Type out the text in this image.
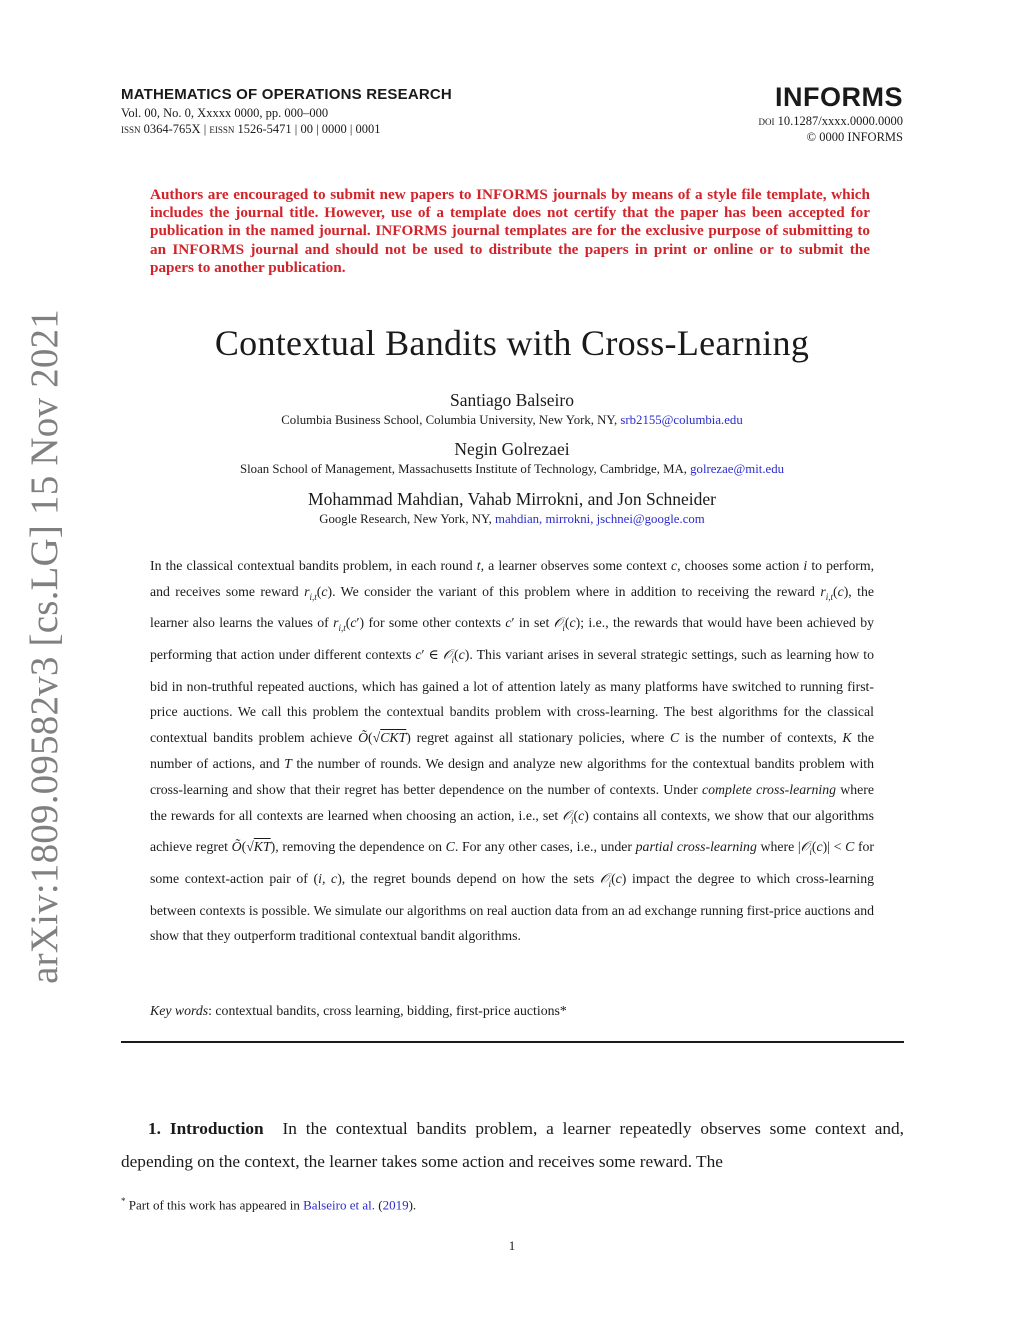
arXiv:1809.09582v3 [cs.LG] 15 Nov 2021
MATHEMATICS OF OPERATIONS RESEARCH
Vol. 00, No. 0, Xxxxx 0000, pp. 000–000
issn 0364-765X | eissn 1526-5471 | 00 | 0000 | 0001
INFORMS
doi 10.1287/xxxx.0000.0000
© 0000 INFORMS
Authors are encouraged to submit new papers to INFORMS journals by means of a style file template, which includes the journal title. However, use of a template does not certify that the paper has been accepted for publication in the named journal. INFORMS journal templates are for the exclusive purpose of submitting to an INFORMS journal and should not be used to distribute the papers in print or online or to submit the papers to another publication.
Contextual Bandits with Cross-Learning
Santiago Balseiro
Columbia Business School, Columbia University, New York, NY, srb2155@columbia.edu
Negin Golrezaei
Sloan School of Management, Massachusetts Institute of Technology, Cambridge, MA, golrezae@mit.edu
Mohammad Mahdian, Vahab Mirrokni, and Jon Schneider
Google Research, New York, NY, mahdian, mirrokni, jschnei@google.com
In the classical contextual bandits problem, in each round t, a learner observes some context c, chooses some action i to perform, and receives some reward $r_{i,t}(c)$. We consider the variant of this problem where in addition to receiving the reward $r_{i,t}(c)$, the learner also learns the values of $r_{i,t}(c')$ for some other contexts c′ in set 𝒪$_i$(c); i.e., the rewards that would have been achieved by performing that action under different contexts c′ ∈ 𝒪$_i$(c). This variant arises in several strategic settings, such as learning how to bid in non-truthful repeated auctions, which has gained a lot of attention lately as many platforms have switched to running first-price auctions. We call this problem the contextual bandits problem with cross-learning. The best algorithms for the classical contextual bandits problem achieve Õ(√CKT) regret against all stationary policies, where C is the number of contexts, K the number of actions, and T the number of rounds. We design and analyze new algorithms for the contextual bandits problem with cross-learning and show that their regret has better dependence on the number of contexts. Under complete cross-learning where the rewards for all contexts are learned when choosing an action, i.e., set 𝒪$_i$(c) contains all contexts, we show that our algorithms achieve regret Õ(√KT), removing the dependence on C. For any other cases, i.e., under partial cross-learning where |𝒪$_i$(c)| < C for some context-action pair of (i, c), the regret bounds depend on how the sets 𝒪$_i$(c) impact the degree to which cross-learning between contexts is possible. We simulate our algorithms on real auction data from an ad exchange running first-price auctions and show that they outperform traditional contextual bandit algorithms.
Key words: contextual bandits, cross learning, bidding, first-price auctions*
1. Introduction In the contextual bandits problem, a learner repeatedly observes some context and, depending on the context, the learner takes some action and receives some reward. The
* Part of this work has appeared in Balseiro et al. (2019).
1
